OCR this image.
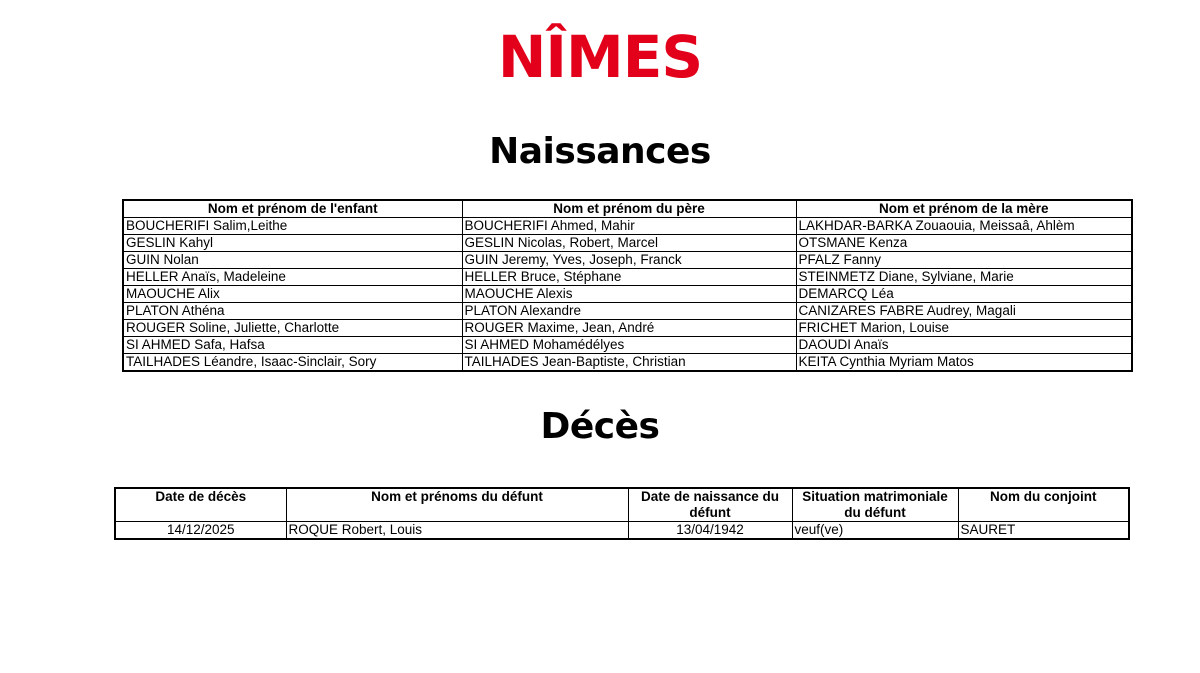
NÎMES
Naissances
Nom et prénom de l'enfant	Nom et prénom du père	Nom et prénom de la mère
BOUCHERIFI Salim,Leithe	BOUCHERIFI Ahmed, Mahir	LAKHDAR-BARKA Zouaouia, Meissaâ, Ahlèm
GESLIN Kahyl	GESLIN Nicolas, Robert, Marcel	OTSMANE Kenza
GUIN Nolan	GUIN Jeremy, Yves, Joseph, Franck	PFALZ Fanny
HELLER Anaïs, Madeleine	HELLER Bruce, Stéphane	STEINMETZ Diane, Sylviane, Marie
MAOUCHE Alix	MAOUCHE Alexis	DEMARCQ Léa
PLATON Athéna	PLATON Alexandre	CANIZARES FABRE Audrey, Magali
ROUGER Soline, Juliette, Charlotte	ROUGER Maxime, Jean, André	FRICHET Marion, Louise
SI AHMED Safa, Hafsa	SI AHMED Mohamédélyes	DAOUDI Anaïs
TAILHADES Léandre, Isaac-Sinclair, Sory	TAILHADES Jean-Baptiste, Christian	KEITA Cynthia Myriam Matos
Décès
Date de décès	Nom et prénoms du défunt	Date de naissance du défunt	Situation matrimoniale du défunt	Nom du conjoint
14/12/2025	ROQUE Robert, Louis	13/04/1942	veuf(ve)	SAURET
